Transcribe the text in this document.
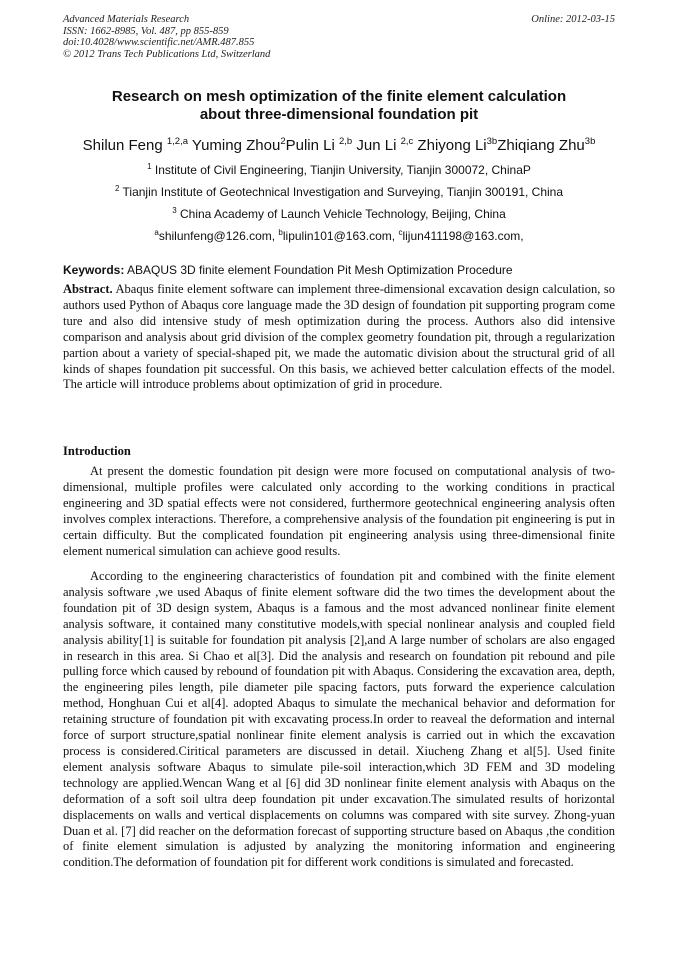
Advanced Materials Research
ISSN: 1662-8985, Vol. 487, pp 855-859
doi:10.4028/www.scientific.net/AMR.487.855
© 2012 Trans Tech Publications Ltd, Switzerland
Online: 2012-03-15
Research on mesh optimization of the finite element calculation
about three-dimensional foundation pit
Shilun Feng $^{1,2,a}$ Yuming Zhou$^2$Pulin Li $^{2,b}$ Jun Li $^{2,c}$ Zhiyong $Li^{3b}Zhiqiang$ Zhu$^{3b}$
$^1$ Institute of Civil Engineering, Tianjin University, Tianjin 300072, ChinaP
$^2$ Tianjin Institute of Geotechnical Investigation and Surveying, Tianjin 300191, China
$^3$ China Academy of Launch Vehicle Technology, Beijing, China
$^a$shilunfeng@126.com, $^b$lipulin101@163.com, $^c$lijun411198@163.com,
Keywords: ABAQUS 3D finite element Foundation Pit Mesh Optimization Procedure
Abstract. Abaqus finite element software can implement three-dimensional excavation design calculation, so authors used Python of Abaqus core language made the 3D design of foundation pit supporting program come ture and also did intensive study of mesh optimization during the process. Authors also did intensive comparison and analysis about grid division of the complex geometry foundation pit, through a regularization partion about a variety of special-shaped pit, we made the automatic division about the structural grid of all kinds of shapes foundation pit successful. On this basis, we achieved better calculation effects of the model. The article will introduce problems about optimization of grid in procedure.
Introduction

At present the domestic foundation pit design were more focused on computational analysis of two-dimensional, multiple profiles were calculated only according to the working conditions in practical engineering and 3D spatial effects were not considered, furthermore geotechnical engineering analysis often involves complex interactions. Therefore, a comprehensive analysis of the foundation pit engineering is put in certain difficulty. But the complicated foundation pit engineering analysis using three-dimensional finite element numerical simulation can achieve good results.

According to the engineering characteristics of foundation pit and combined with the finite element analysis software ,we used Abaqus of finite element software did the two times the development about the foundation pit of 3D design system, Abaqus is a famous and the most advanced nonlinear finite element analysis software, it contained many constitutive models,with special nonlinear analysis and coupled field analysis ability[1] is suitable for foundation pit analysis [2],and A large number of scholars are also engaged in research in this area. Si Chao et al[3]. Did the analysis and research on foundation pit rebound and pile pulling force which caused by rebound of foundation pit with Abaqus. Considering the excavation area, depth, the engineering piles length, pile diameter pile spacing factors, puts forward the experience calculation method, Honghuan Cui et al[4]. adopted Abaqus to simulate the mechanical behavior and deformation for retaining structure of foundation pit with excavating process.In order to reaveal the deformation and internal force of surport structure,spatial nonlinear finite element analysis is carried out in which the excavation process is considered.Ciritical parameters are discussed in detail. Xiucheng Zhang et al[5]. Used finite element analysis software Abaqus to simulate pile-soil interaction,which 3D FEM and 3D modeling technology are applied.Wencan Wang et al [6] did 3D nonlinear finite element analysis with Abaqus on the deformation of a soft soil ultra deep foundation pit under excavation.The simulated results of horizontal displacements on walls and vertical displacements on columns was compared with site survey. Zhong-yuan Duan et al. [7] did reacher on the deformation forecast of supporting structure based on Abaqus ,the condition of finite element simulation is adjusted by analyzing the monitoring information and engineering condition.The deformation of foundation pit for different work conditions is simulated and forecasted.
